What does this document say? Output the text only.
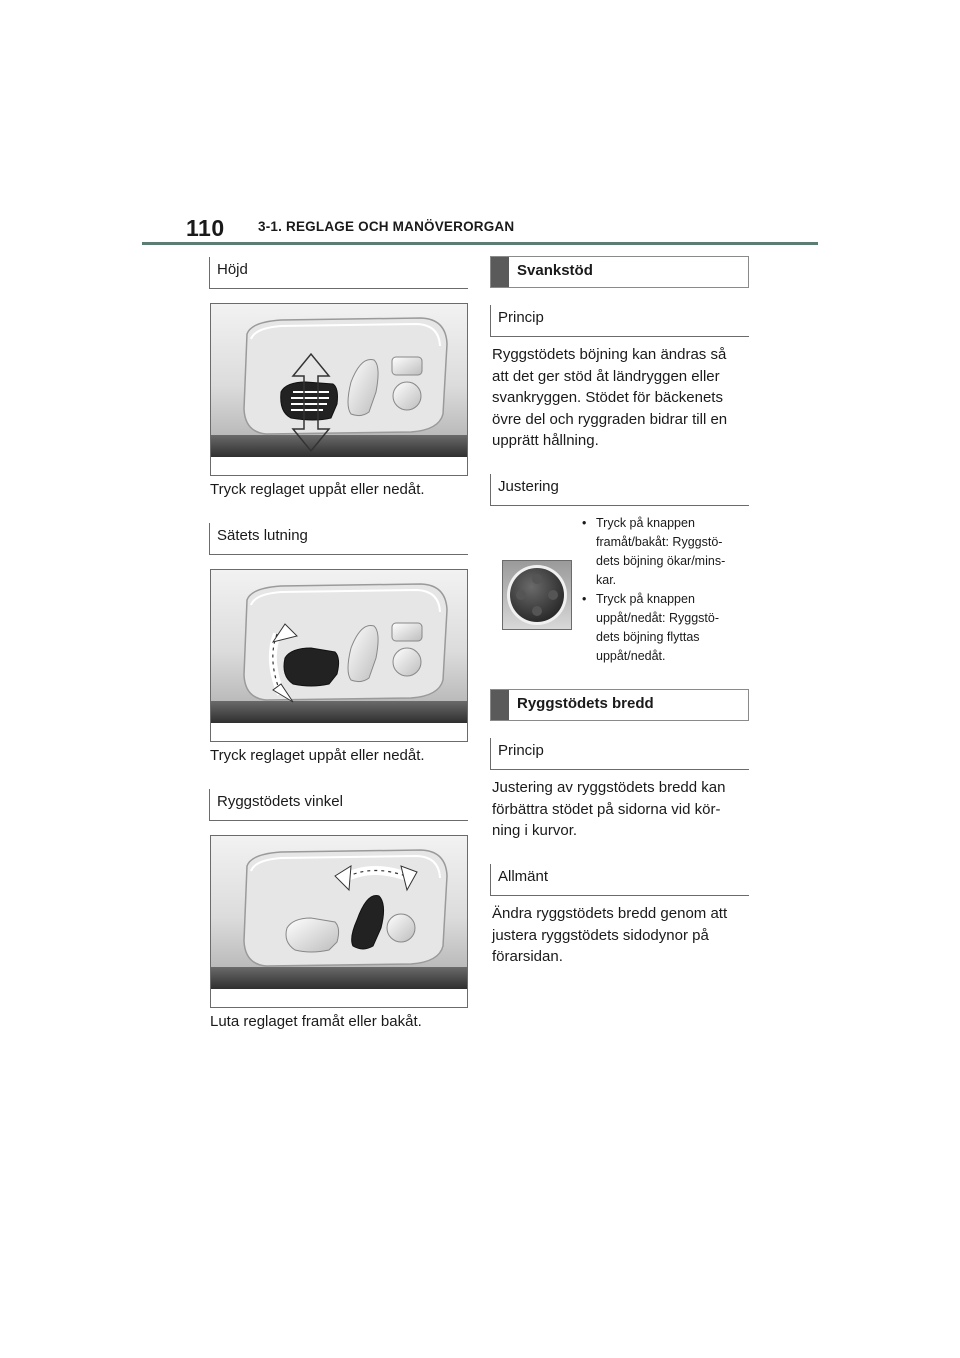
110 3-1. REGLAGE OCH MANÖVERORGAN
Höjd
Tryck reglaget uppåt eller nedåt.
Sätets lutning
Tryck reglaget uppåt eller nedåt.
Ryggstödets vinkel
Luta reglaget framåt eller bakåt.
Svankstöd
Princip
Ryggstödets böjning kan ändras så
att det ger stöd åt ländryggen eller
svankryggen. Stödet för bäckenets
övre del och ryggraden bidrar till en
upprätt hållning.
Justering
• Tryck på knappen
framåt/bakåt: Ryggstö-
dets böjning ökar/mins-
kar.
• Tryck på knappen
uppåt/nedåt: Ryggstö-
dets böjning flyttas
uppåt/nedåt.
Ryggstödets bredd
Princip
Justering av ryggstödets bredd kan
förbättra stödet på sidorna vid kör-
ning i kurvor.
Allmänt
Ändra ryggstödets bredd genom att
justera ryggstödets sidodynor på
förarsidan.
